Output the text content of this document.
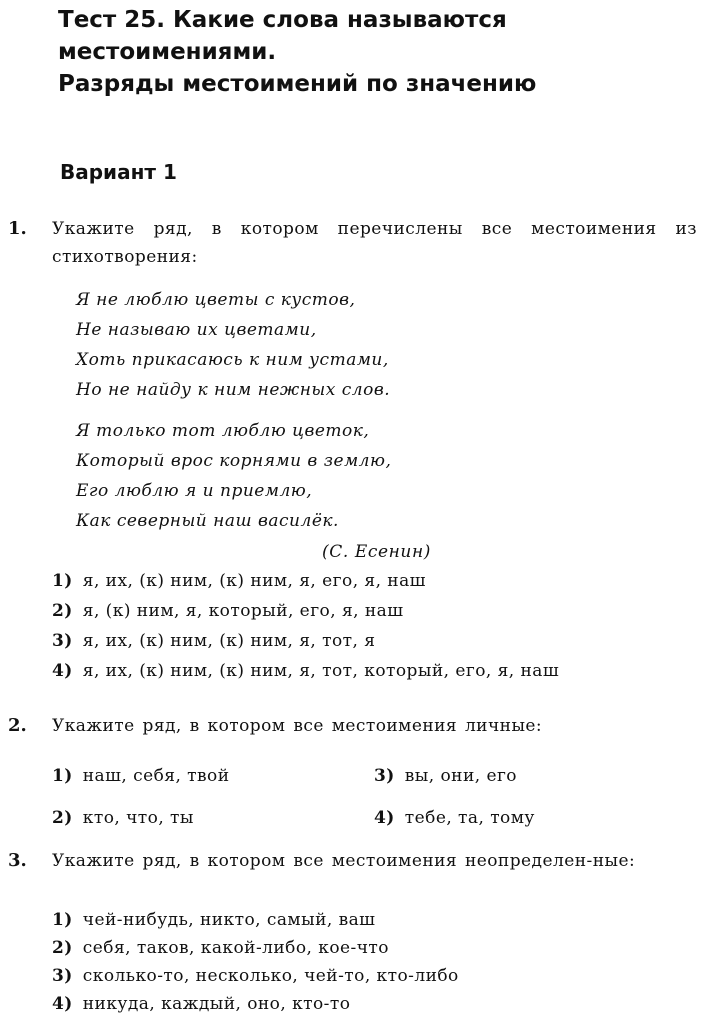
Тест 25. Какие слова называются
местоимениями.
Разряды местоимений по значению
Вариант 1
1. Укажите ряд, в котором перечислены все местоимения из стихотворения:
Я не люблю цветы с кустов,
Не называю их цветами,
Хоть прикасаюсь к ним устами,
Но не найду к ним нежных слов.
Я только тот люблю цветок,
Который врос корнями в землю,
Его люблю я и приемлю,
Как северный наш василёк.
(С. Есенин)
1) я, их, (к) ним, (к) ним, я, его, я, наш
2) я, (к) ним, я, который, его, я, наш
3) я, их, (к) ним, (к) ним, я, тот, я
4) я, их, (к) ним, (к) ним, я, тот, который, его, я, наш
2. Укажите ряд, в котором все местоимения личные:
1) наш, себя, твой
2) кто, что, ты
3) вы, они, его
4) тебе, та, тому
3. Укажите ряд, в котором все местоимения неопределен-ные:
1) чей-нибудь, никто, самый, ваш
2) себя, таков, какой-либо, кое-что
3) сколько-то, несколько, чей-то, кто-либо
4) никуда, каждый, оно, кто-то
